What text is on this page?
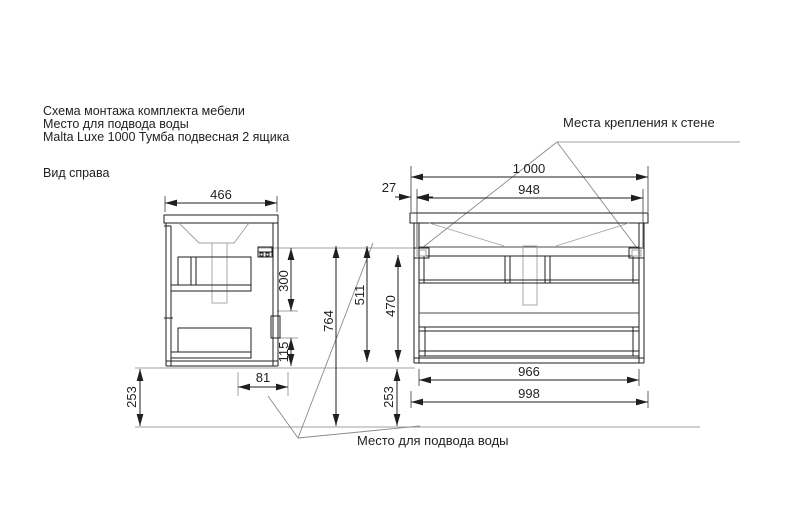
Схема монтажа комплекта мебели
Место для подвода воды
Malta Luxe 1000 Тумба подвесная 2 ящика
Вид справа
Места крепления к стене
Место для подвода воды
466
1 000
948
27
966
998
81
300
115
764
511
470
253	253
